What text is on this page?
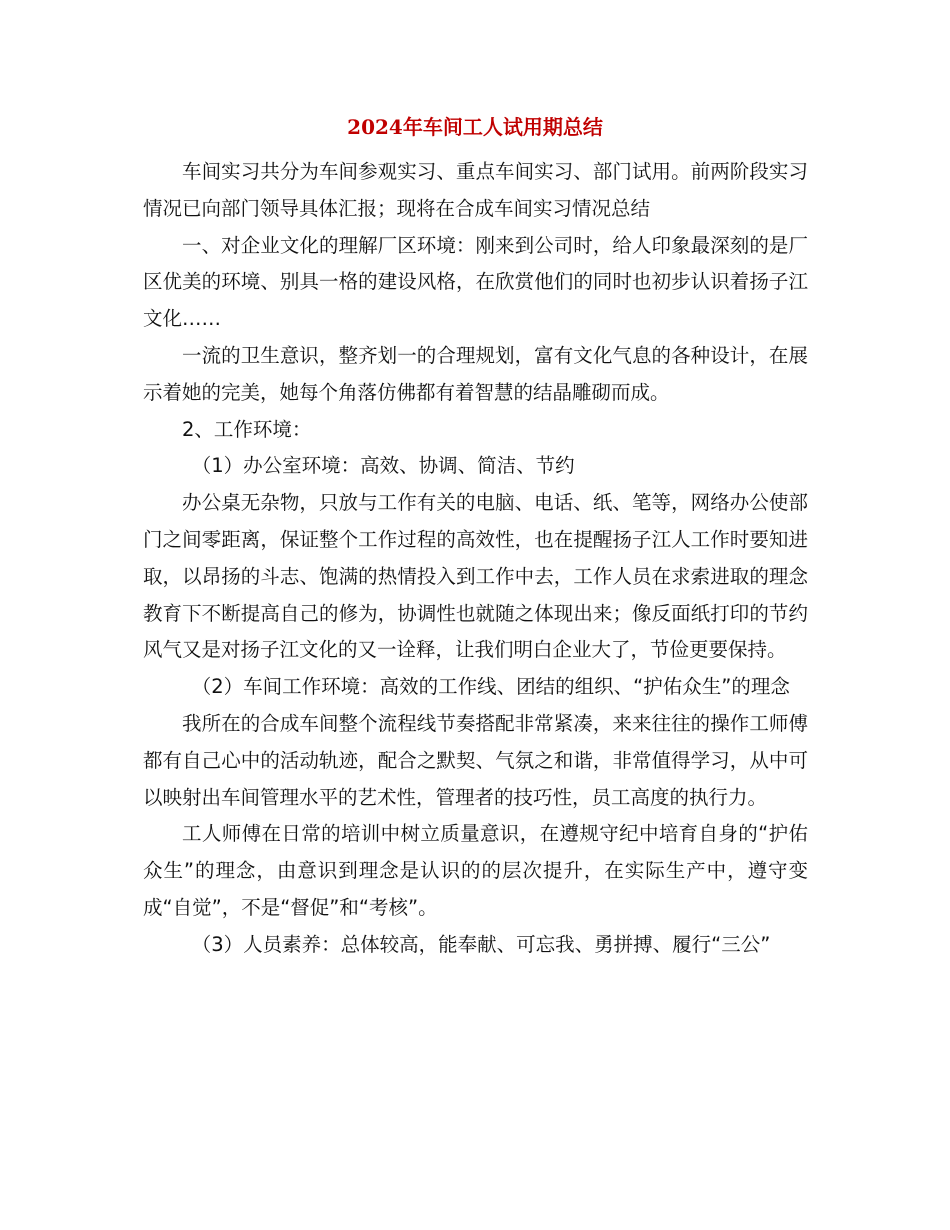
2024年车间工人试用期总结

车间实习共分为车间参观实习、重点车间实习、部门试用。前两阶段实习情况已向部门领导具体汇报；现将在合成车间实习情况总结

一、对企业文化的理解厂区环境：刚来到公司时，给人印象最深刻的是厂区优美的环境、别具一格的建设风格，在欣赏他们的同时也初步认识着扬子江文化……

一流的卫生意识，整齐划一的合理规划，富有文化气息的各种设计，在展示着她的完美，她每个角落仿佛都有着智慧的结晶雕砌而成。

2、工作环境：

（1）办公室环境：高效、协调、简洁、节约

办公桌无杂物，只放与工作有关的电脑、电话、纸、笔等，网络办公使部门之间零距离，保证整个工作过程的高效性，也在提醒扬子江人工作时要知进取，以昂扬的斗志、饱满的热情投入到工作中去，工作人员在求索进取的理念教育下不断提高自己的修为，协调性也就随之体现出来；像反面纸打印的节约风气又是对扬子江文化的又一诠释，让我们明白企业大了，节俭更要保持。

（2）车间工作环境：高效的工作线、团结的组织、“护佑众生”的理念

我所在的合成车间整个流程线节奏搭配非常紧凑，来来往往的操作工师傅都有自己心中的活动轨迹，配合之默契、气氛之和谐，非常值得学习，从中可以映射出车间管理水平的艺术性，管理者的技巧性，员工高度的执行力。

工人师傅在日常的培训中树立质量意识，在遵规守纪中培育自身的“护佑众生”的理念，由意识到理念是认识的的层次提升，在实际生产中，遵守变成“自觉”，不是“督促”和“考核”。

（3）人员素养：总体较高，能奉献、可忘我、勇拼搏、履行“三公”
